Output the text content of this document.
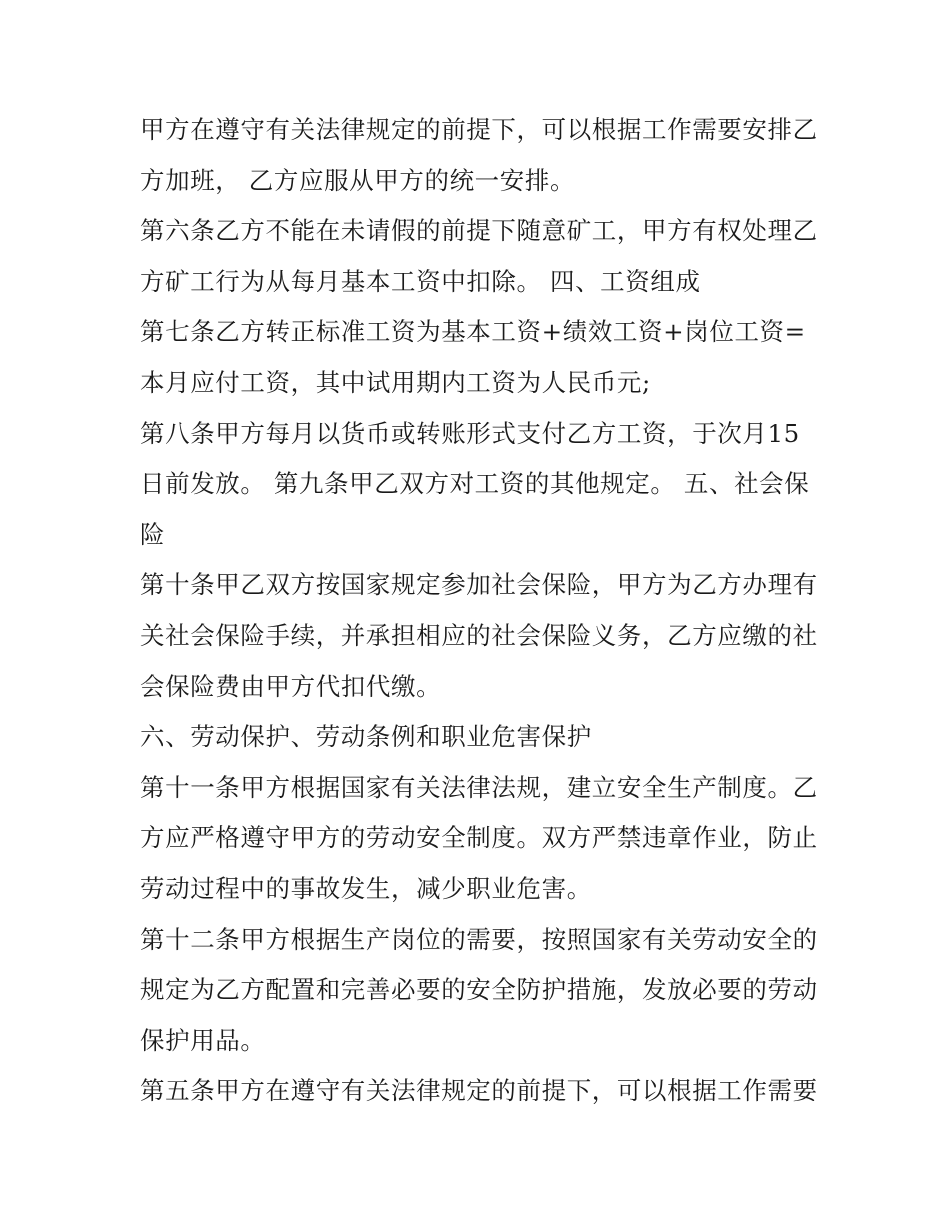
甲方在遵守有关法律规定的前提下，可以根据工作需要安排乙方加班， 乙方应服从甲方的统一安排。

第六条乙方不能在未请假的前提下随意矿工，甲方有权处理乙方矿工行为从每月基本工资中扣除。 四、工资组成

第七条乙方转正标准工资为基本工资+绩效工资+岗位工资=本月应付工资，其中试用期内工资为人民币元;

第八条甲方每月以货币或转账形式支付乙方工资，于次月15日前发放。 第九条甲乙双方对工资的其他规定。 五、社会保险

第十条甲乙双方按国家规定参加社会保险，甲方为乙方办理有关社会保险手续，并承担相应的社会保险义务，乙方应缴的社会保险费由甲方代扣代缴。

六、劳动保护、劳动条例和职业危害保护

第十一条甲方根据国家有关法律法规，建立安全生产制度。乙方应严格遵守甲方的劳动安全制度。双方严禁违章作业，防止劳动过程中的事故发生，减少职业危害。

第十二条甲方根据生产岗位的需要，按照国家有关劳动安全的规定为乙方配置和完善必要的安全防护措施，发放必要的劳动保护用品。

第五条甲方在遵守有关法律规定的前提下，可以根据工作需要
